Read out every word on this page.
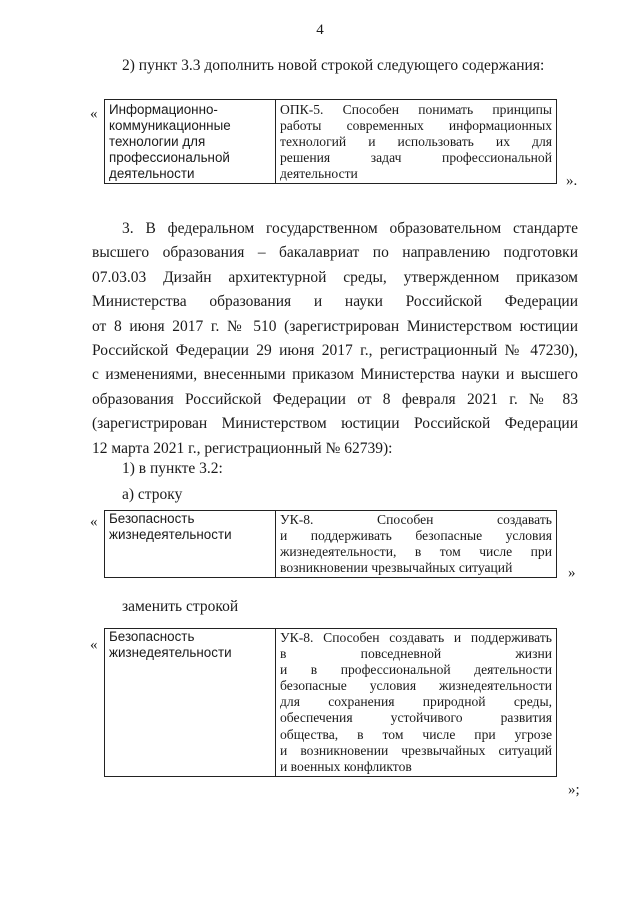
4
2) пункт 3.3 дополнить новой строкой следующего содержания:
« Информационно-
коммуникационные
технологии для
профессиональной
деятельности

ОПК-5. Способен понимать принципы
работы современных информационных
технологий и использовать их для
решения задач профессиональной
деятельности	».
3. В федеральном государственном образовательном стандарте
высшего образования – бакалавриат по направлению подготовки
07.03.03 Дизайн архитектурной среды, утвержденном приказом
Министерства образования и науки Российской Федерации
от 8 июня 2017 г. № 510 (зарегистрирован Министерством юстиции
Российской Федерации 29 июня 2017 г., регистрационный № 47230),
с изменениями, внесенными приказом Министерства науки и высшего
образования Российской Федерации от 8 февраля 2021 г. № 83
(зарегистрирован Министерством юстиции Российской Федерации
12 марта 2021 г., регистрационный № 62739):
1) в пункте 3.2:
а) строку
« Безопасность
жизнедеятельности

УК-8. Способен создавать
и поддерживать безопасные условия
жизнедеятельности, в том числе при
возникновении чрезвычайных ситуаций	»
заменить строкой
«
Безопасность
жизнедеятельности

УК-8. Способен создавать и поддерживать
в повседневной жизни
и в профессиональной деятельности
безопасные условия жизнедеятельности
для сохранения природной среды,
обеспечения устойчивого развития
общества, в том числе при угрозе
и возникновении чрезвычайных ситуаций
и военных конфликтов
»;
